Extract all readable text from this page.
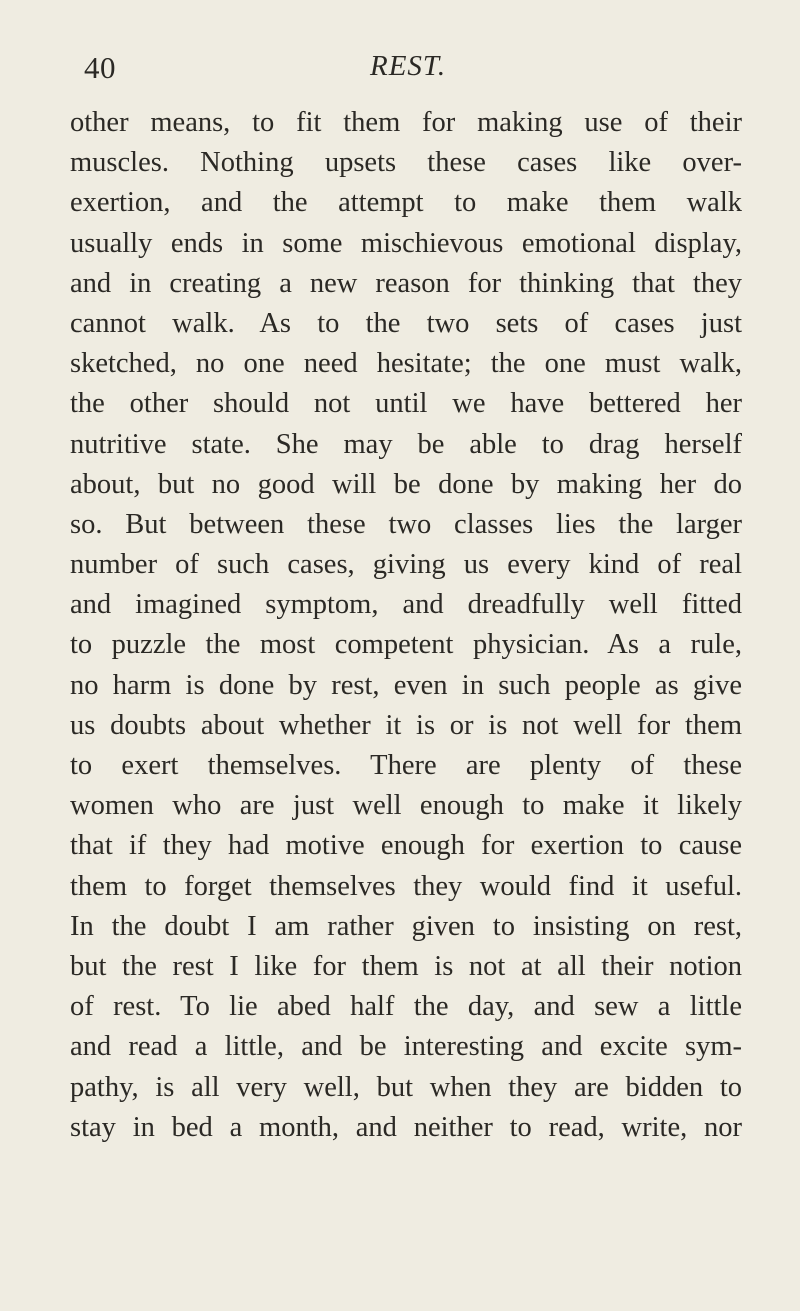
40	REST.
other means, to fit them for making use of their
muscles. Nothing upsets these cases like over-
exertion, and the attempt to make them walk
usually ends in some mischievous emotional display,
and in creating a new reason for thinking that they
cannot walk. As to the two sets of cases just
sketched, no one need hesitate; the one must walk,
the other should not until we have bettered her
nutritive state. She may be able to drag herself
about, but no good will be done by making her do
so. But between these two classes lies the larger
number of such cases, giving us every kind of real
and imagined symptom, and dreadfully well fitted
to puzzle the most competent physician. As a rule,
no harm is done by rest, even in such people as give
us doubts about whether it is or is not well for them
to exert themselves. There are plenty of these
women who are just well enough to make it likely
that if they had motive enough for exertion to cause
them to forget themselves they would find it useful.
In the doubt I am rather given to insisting on rest,
but the rest I like for them is not at all their notion
of rest. To lie abed half the day, and sew a little
and read a little, and be interesting and excite sym-
pathy, is all very well, but when they are bidden to
stay in bed a month, and neither to read, write, nor
